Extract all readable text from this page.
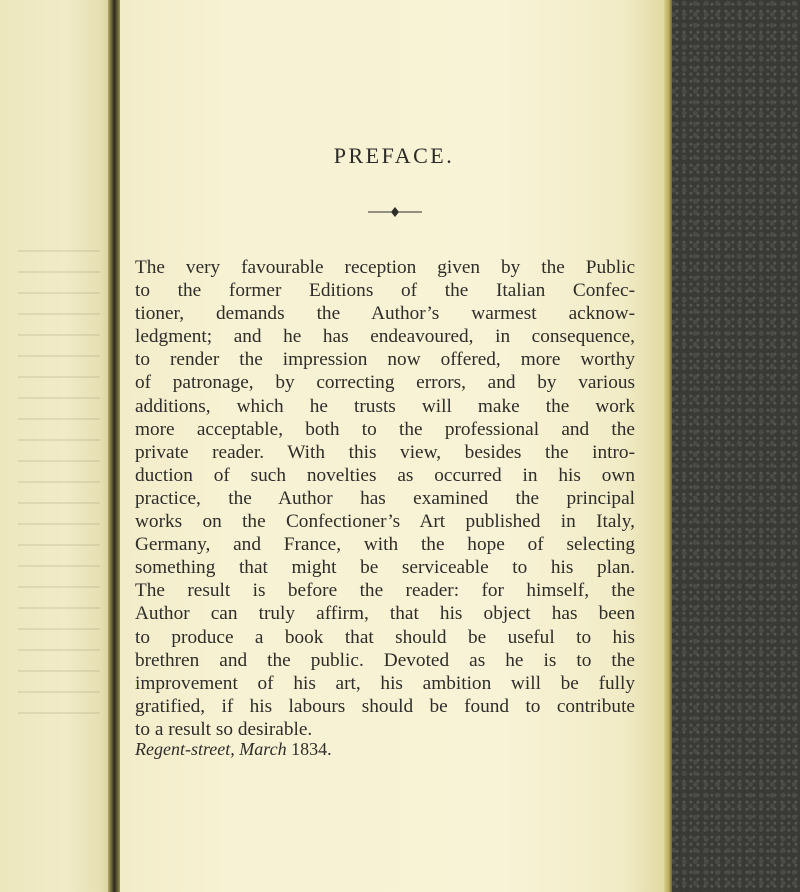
PREFACE.

The very favourable reception given by the Public
to the former Editions of the Italian Confec-
tioner, demands the Author’s warmest acknow-
ledgment; and he has endeavoured, in consequence,
to render the impression now offered, more worthy
of patronage, by correcting errors, and by various
additions, which he trusts will make the work
more acceptable, both to the professional and the
private reader. With this view, besides the intro-
duction of such novelties as occurred in his own
practice, the Author has examined the principal
works on the Confectioner’s Art published in Italy,
Germany, and France, with the hope of selecting
something that might be serviceable to his plan.
The result is before the reader: for himself, the
Author can truly affirm, that his object has been
to produce a book that should be useful to his
brethren and the public. Devoted as he is to the
improvement of his art, his ambition will be fully
gratified, if his labours should be found to contribute
to a result so desirable.

Regent-street, March 1834.
